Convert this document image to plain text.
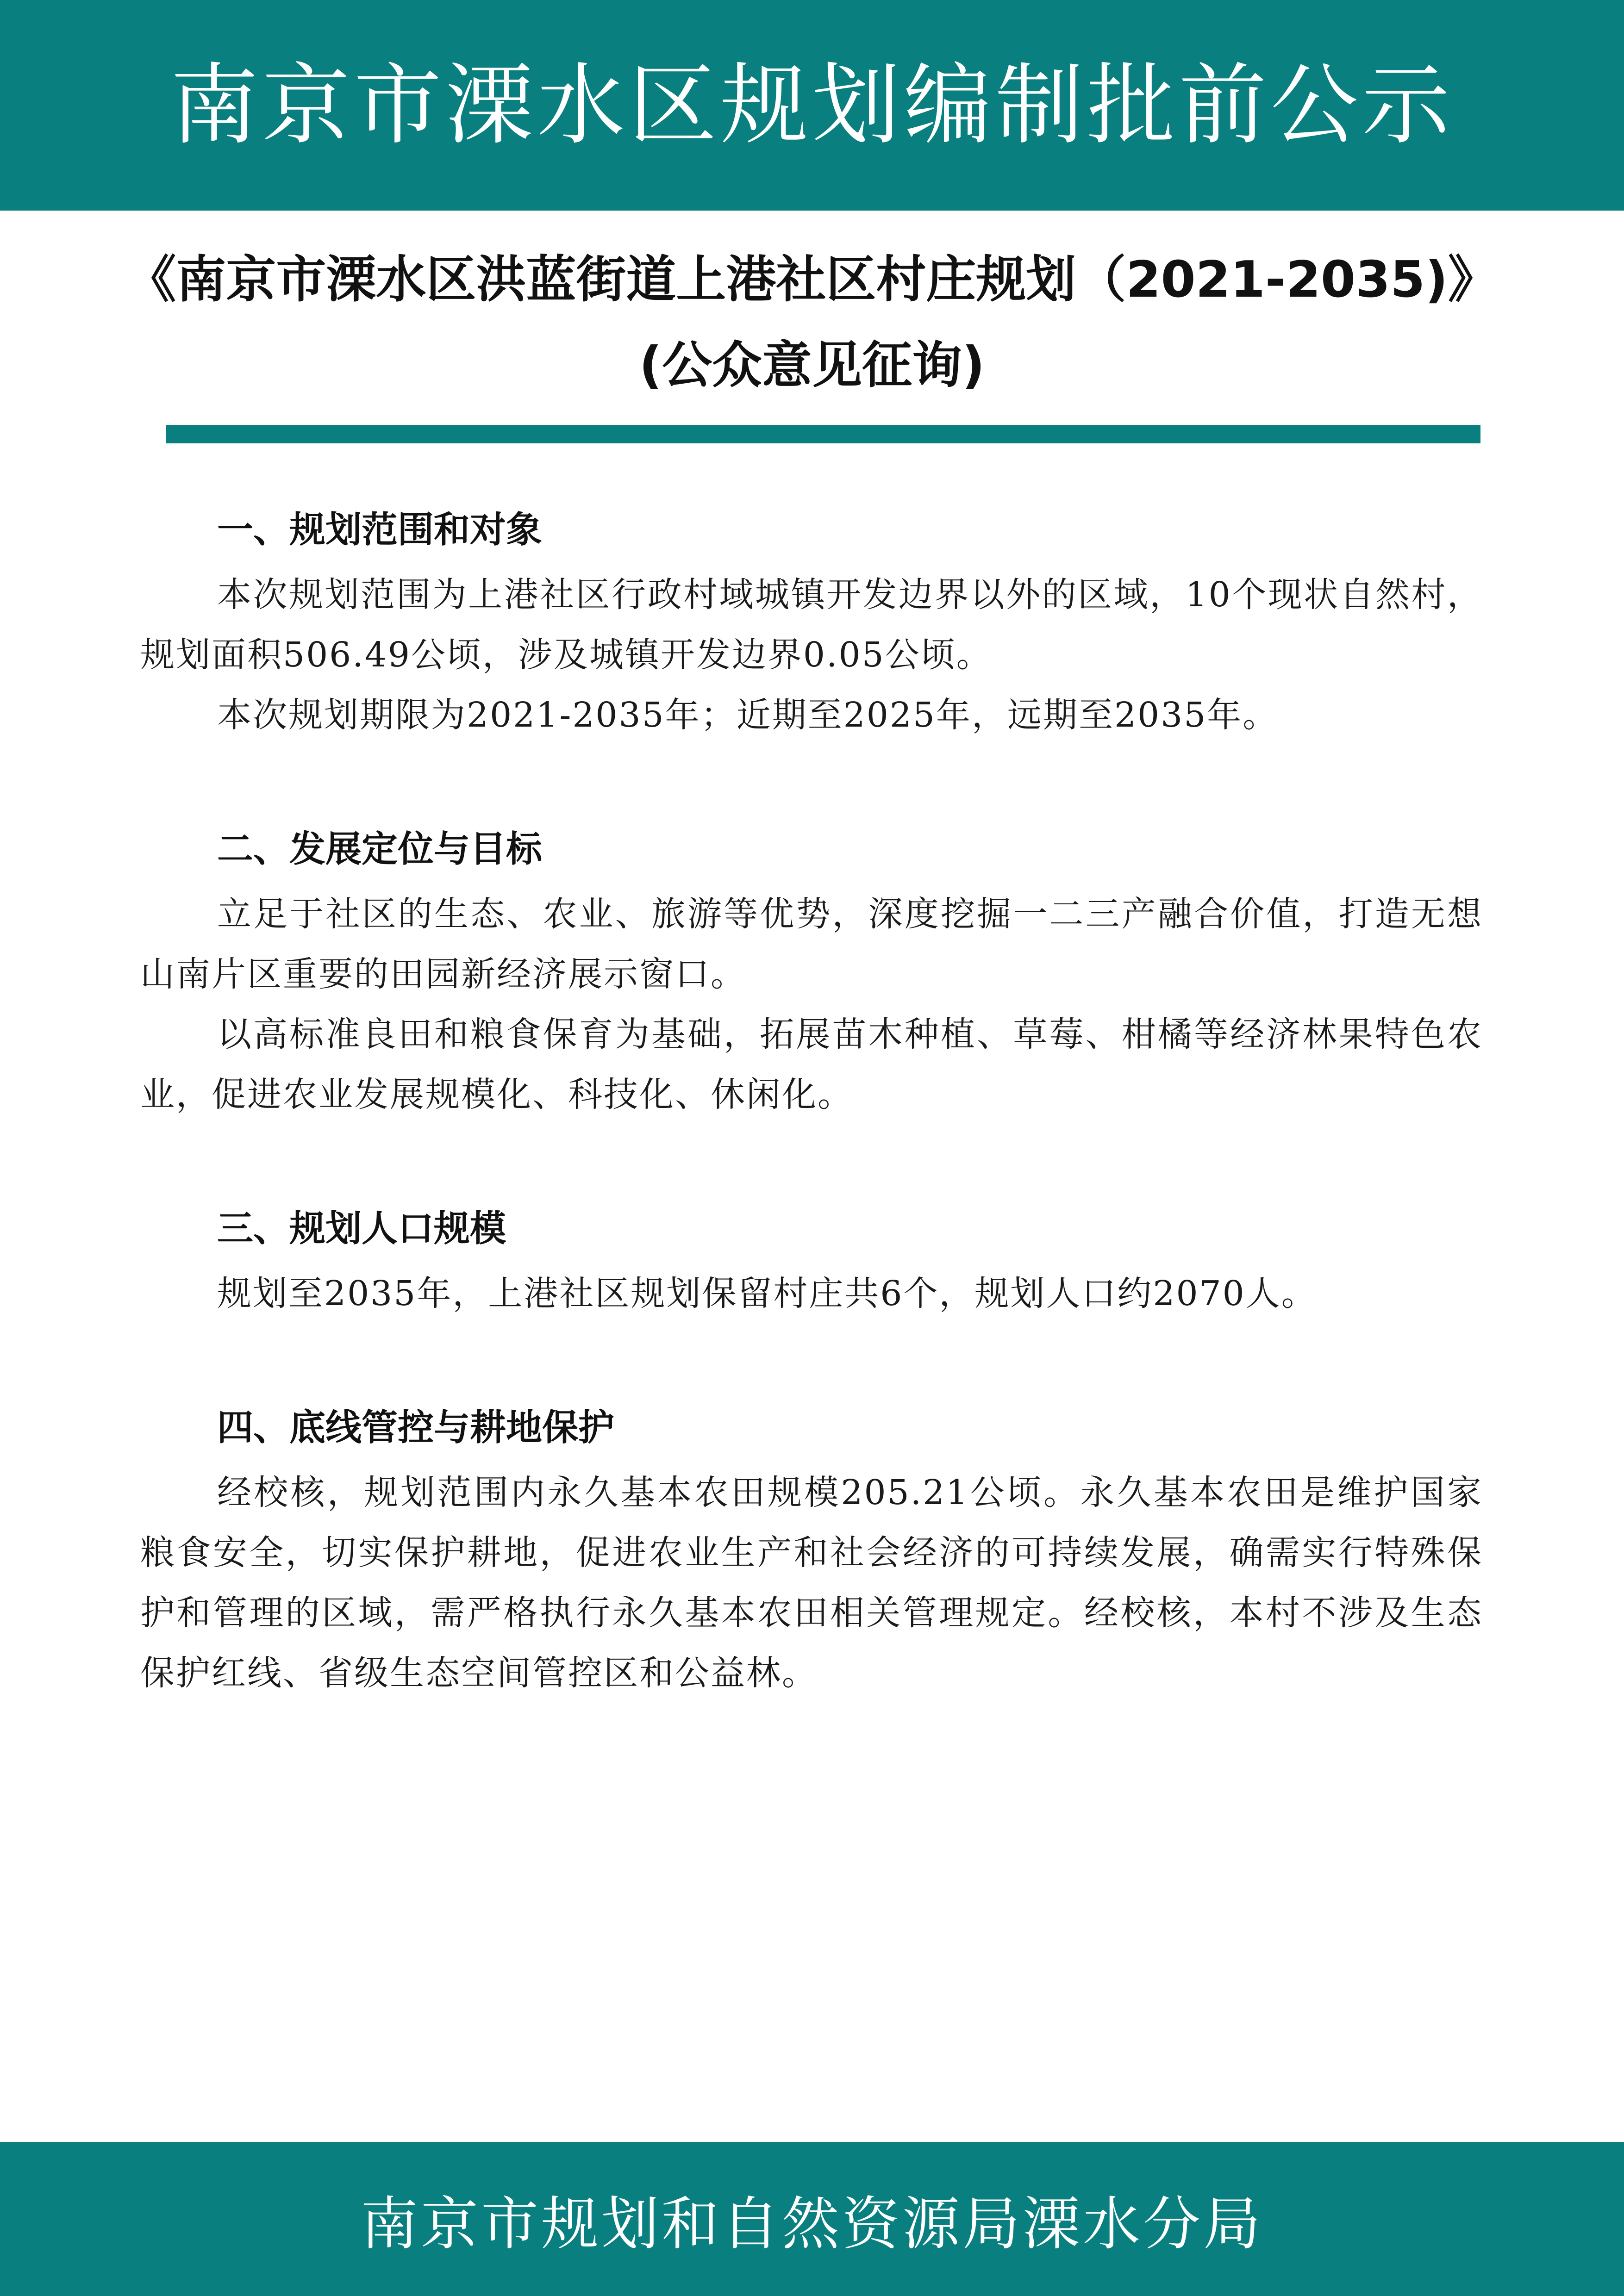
南京市溧水区规划编制批前公示
《南京市溧水区洪蓝街道上港社区村庄规划（2021-2035)》
(公众意见征询)
一、规划范围和对象

本次规划范围为上港社区行政村域城镇开发边界以外的区域，10个现状自然村，规划面积506.49公顷，涉及城镇开发边界0.05公顷。

本次规划期限为2021-2035年；近期至2025年，远期至2035年。

二、发展定位与目标

立足于社区的生态、农业、旅游等优势，深度挖掘一二三产融合价值，打造无想山南片区重要的田园新经济展示窗口。

以高标准良田和粮食保育为基础，拓展苗木种植、草莓、柑橘等经济林果特色农业，促进农业发展规模化、科技化、休闲化。

三、规划人口规模

规划至2035年，上港社区规划保留村庄共6个，规划人口约2070人。

四、底线管控与耕地保护

经校核，规划范围内永久基本农田规模205.21公顷。永久基本农田是维护国家粮食安全，切实保护耕地，促进农业生产和社会经济的可持续发展，确需实行特殊保护和管理的区域，需严格执行永久基本农田相关管理规定。经校核，本村不涉及生态保护红线、省级生态空间管控区和公益林。

南京市规划和自然资源局溧水分局
